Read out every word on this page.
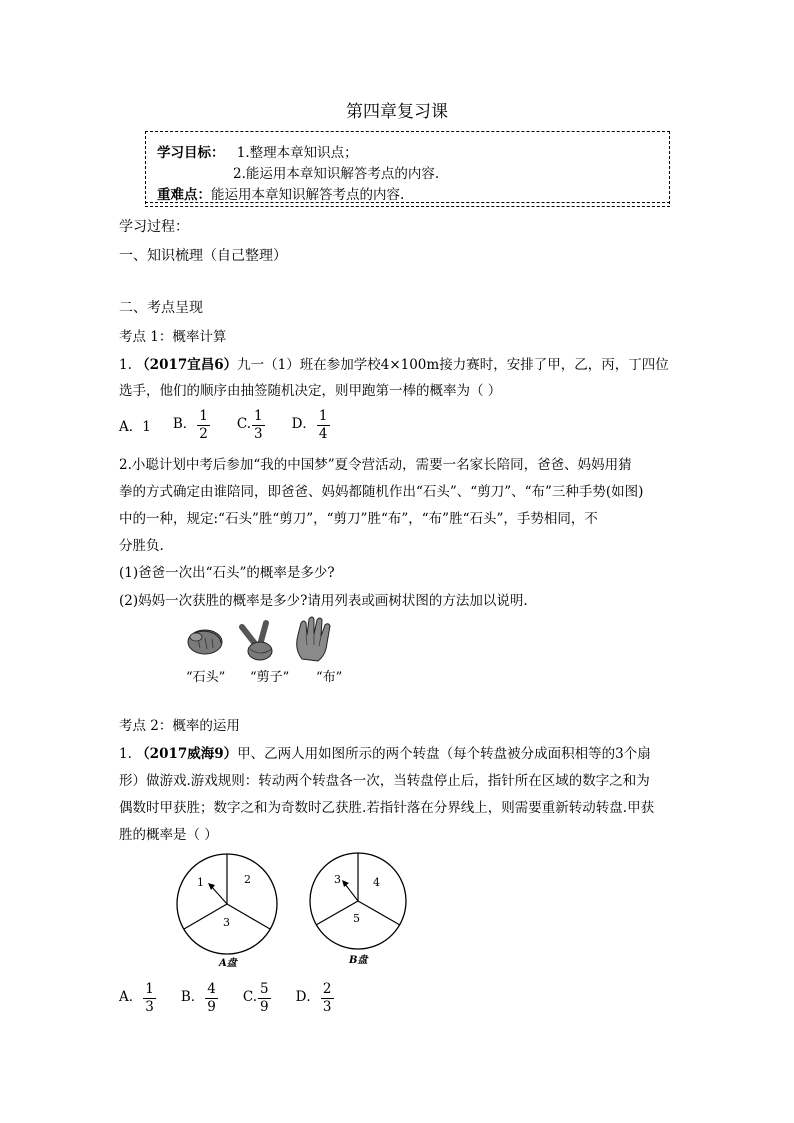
第四章复习课
学习目标： 1.整理本章知识点；
2.能运用本章知识解答考点的内容.
重难点：能运用本章知识解答考点的内容.
学习过程：
一、知识梳理（自己整理）
二、考点呈现
考点 1：概率计算
1. （2017宜昌6）九一（1）班在参加学校4×100m接力赛时，安排了甲，乙，丙，丁四位
选手，他们的顺序由抽签随机决定，则甲跑第一棒的概率为（ ）
A．1 B． $\frac{1}{2} C$. $\frac{1}{3}$ D． $\frac{1}{4}$
2.小聪计划中考后参加“我的中国梦”夏令营活动，需要一名家长陪同，爸爸、妈妈用猜
拳的方式确定由谁陪同，即爸爸、妈妈都随机作出“石头”、“剪刀”、“布”三种手势(如图)
中的一种，规定:“石头”胜“剪刀”，“剪刀”胜“布”，“布”胜“石头”，手势相同，不
分胜负.
(1)爸爸一次出“石头”的概率是多少?
(2)妈妈一次获胜的概率是多少?请用列表或画树状图的方法加以说明.
“石头” “剪子” “布”
考点 2：概率的运用
1. （2017威海9）甲、乙两人用如图所示的两个转盘（每个转盘被分成面积相等的3个扇
形）做游戏.游戏规则：转动两个转盘各一次，当转盘停止后，指针所在区域的数字之和为
偶数时甲获胜；数字之和为奇数时乙获胜.若指针落在分界线上，则需要重新转动转盘.甲获
胜的概率是（ ）
1	2
3
A盘
3	4
5
B盘
A． $\frac{1}{3}$ B． $\frac{4}{9} C$. $\frac{5}{9}$ D． $\frac{2}{3}$
